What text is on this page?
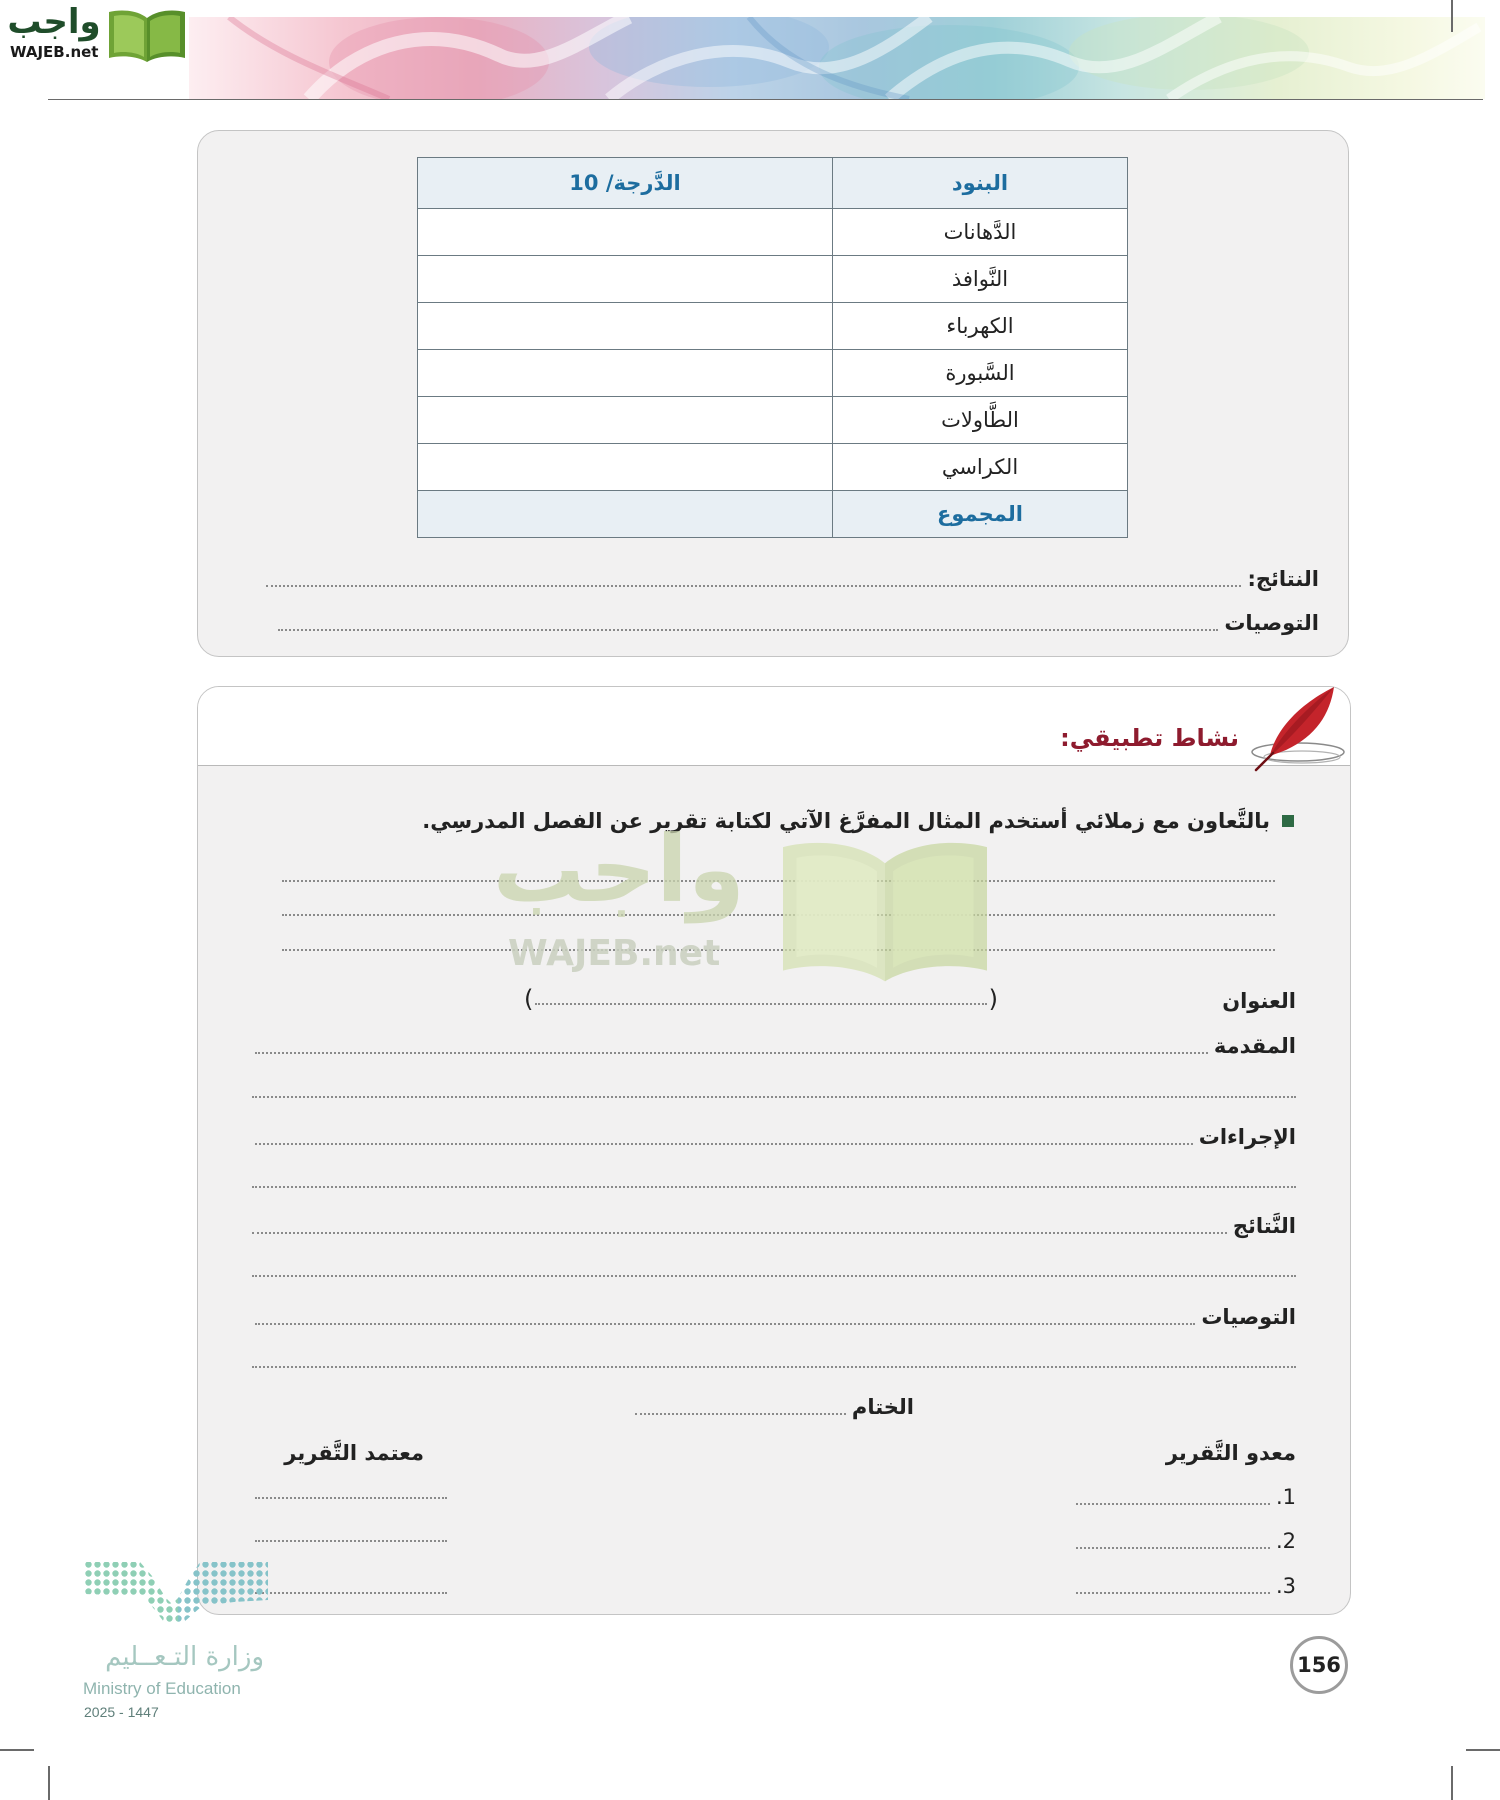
واجب
WAJEB.net
البنود	الدَّرجة/ 10
الدَّهانات	
النَّوافذ	
الكهرباء	
السَّبورة	
الطَّاولات	
الكراسي	
المجموع	
النتائج:
التوصيات
نشاط تطبيقي:
بالتَّعاون مع زملائي أستخدم المثال المفرَّغ الآتي لكتابة تقرير عن الفصل المدرسِي.
واجب
WAJEB.net
العنوان
(
)
المقدمة
الإجراءات
النَّتائج
التوصيات
الختام
معدو التَّقرير
معتمد التَّقرير
1.
2.
3.
وزارة التـعــليم
Ministry of Education
2025 - 1447
156
